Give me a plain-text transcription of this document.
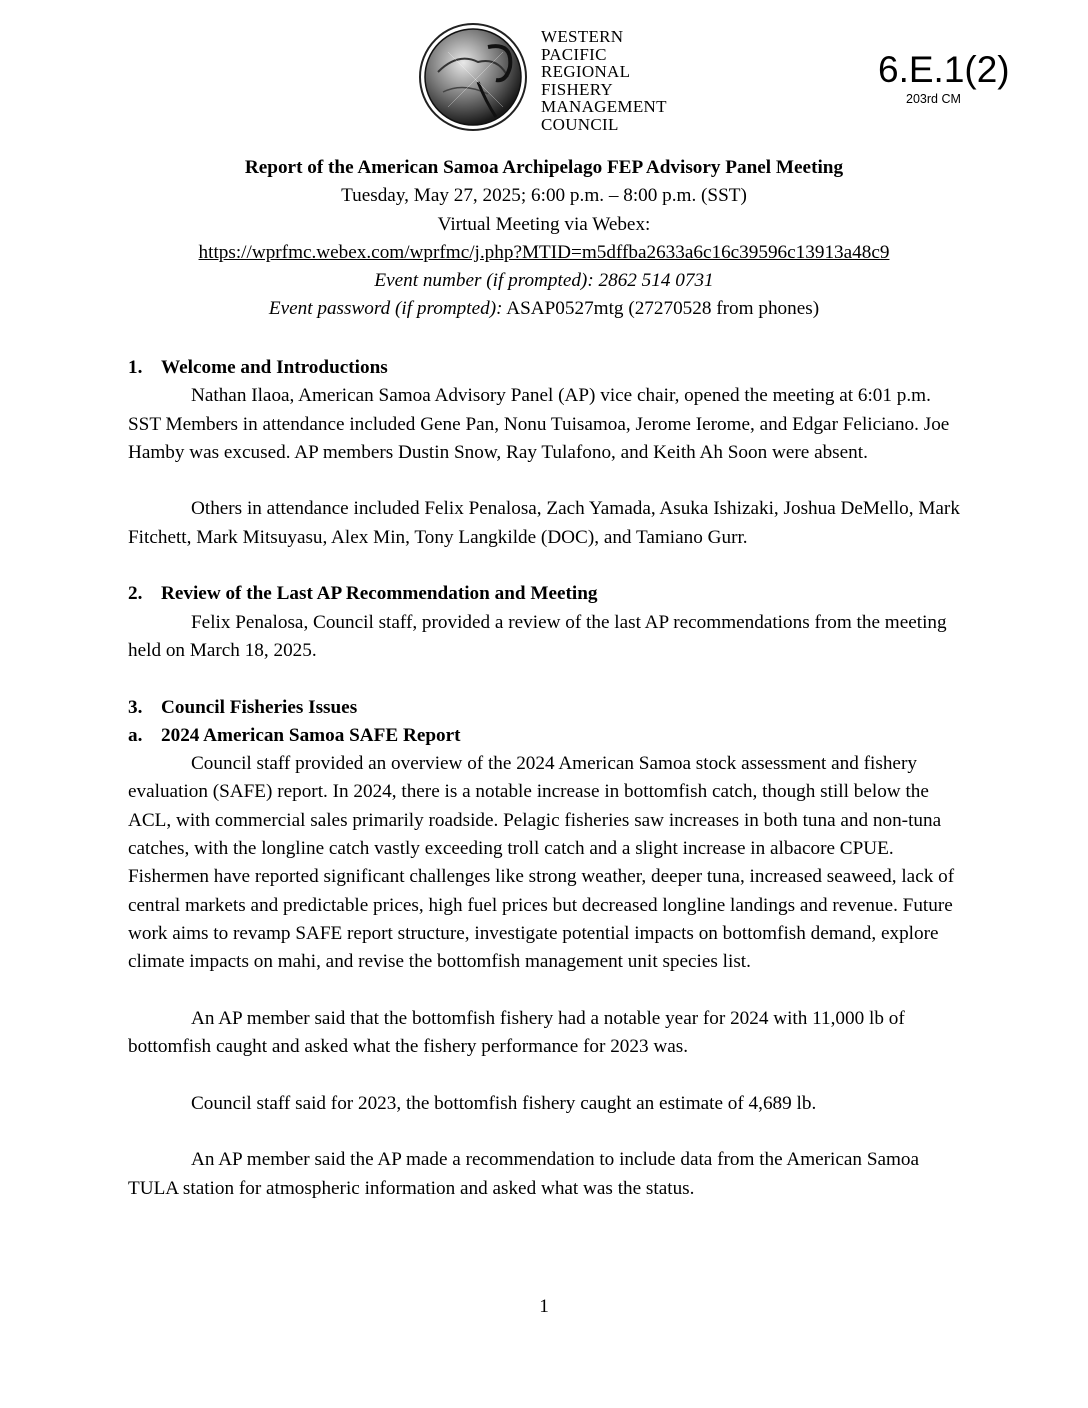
WESTERN
PACIFIC
REGIONAL
FISHERY
MANAGEMENT
COUNCIL
6.E.1(2)
203rd CM
Report of the American Samoa Archipelago FEP Advisory Panel Meeting
Tuesday, May 27, 2025; 6:00 p.m. – 8:00 p.m. (SST)
Virtual Meeting via Webex:
https://wprfmc.webex.com/wprfmc/j.php?MTID=m5dffba2633a6c16c39596c13913a48c9
Event number (if prompted): 2862 514 0731
Event password (if prompted): ASAP0527mtg (27270528 from phones)
1. Welcome and Introductions

Nathan Ilaoa, American Samoa Advisory Panel (AP) vice chair, opened the meeting at 6:01 p.m. SST Members in attendance included Gene Pan, Nonu Tuisamoa, Jerome Ierome, and Edgar Feliciano. Joe Hamby was excused. AP members Dustin Snow, Ray Tulafono, and Keith Ah Soon were absent.

Others in attendance included Felix Penalosa, Zach Yamada, Asuka Ishizaki, Joshua DeMello, Mark Fitchett, Mark Mitsuyasu, Alex Min, Tony Langkilde (DOC), and Tamiano Gurr.

2. Review of the Last AP Recommendation and Meeting

Felix Penalosa, Council staff, provided a review of the last AP recommendations from the meeting held on March 18, 2025.

3. Council Fisheries Issues
a. 2024 American Samoa SAFE Report

Council staff provided an overview of the 2024 American Samoa stock assessment and fishery evaluation (SAFE) report. In 2024, there is a notable increase in bottomfish catch, though still below the ACL, with commercial sales primarily roadside. Pelagic fisheries saw increases in both tuna and non-tuna catches, with the longline catch vastly exceeding troll catch and a slight increase in albacore CPUE. Fishermen have reported significant challenges like strong weather, deeper tuna, increased seaweed, lack of central markets and predictable prices, high fuel prices but decreased longline landings and revenue. Future work aims to revamp SAFE report structure, investigate potential impacts on bottomfish demand, explore climate impacts on mahi, and revise the bottomfish management unit species list.

An AP member said that the bottomfish fishery had a notable year for 2024 with 11,000 lb of bottomfish caught and asked what the fishery performance for 2023 was.

Council staff said for 2023, the bottomfish fishery caught an estimate of 4,689 lb.

An AP member said the AP made a recommendation to include data from the American Samoa TULA station for atmospheric information and asked what was the status.

1
